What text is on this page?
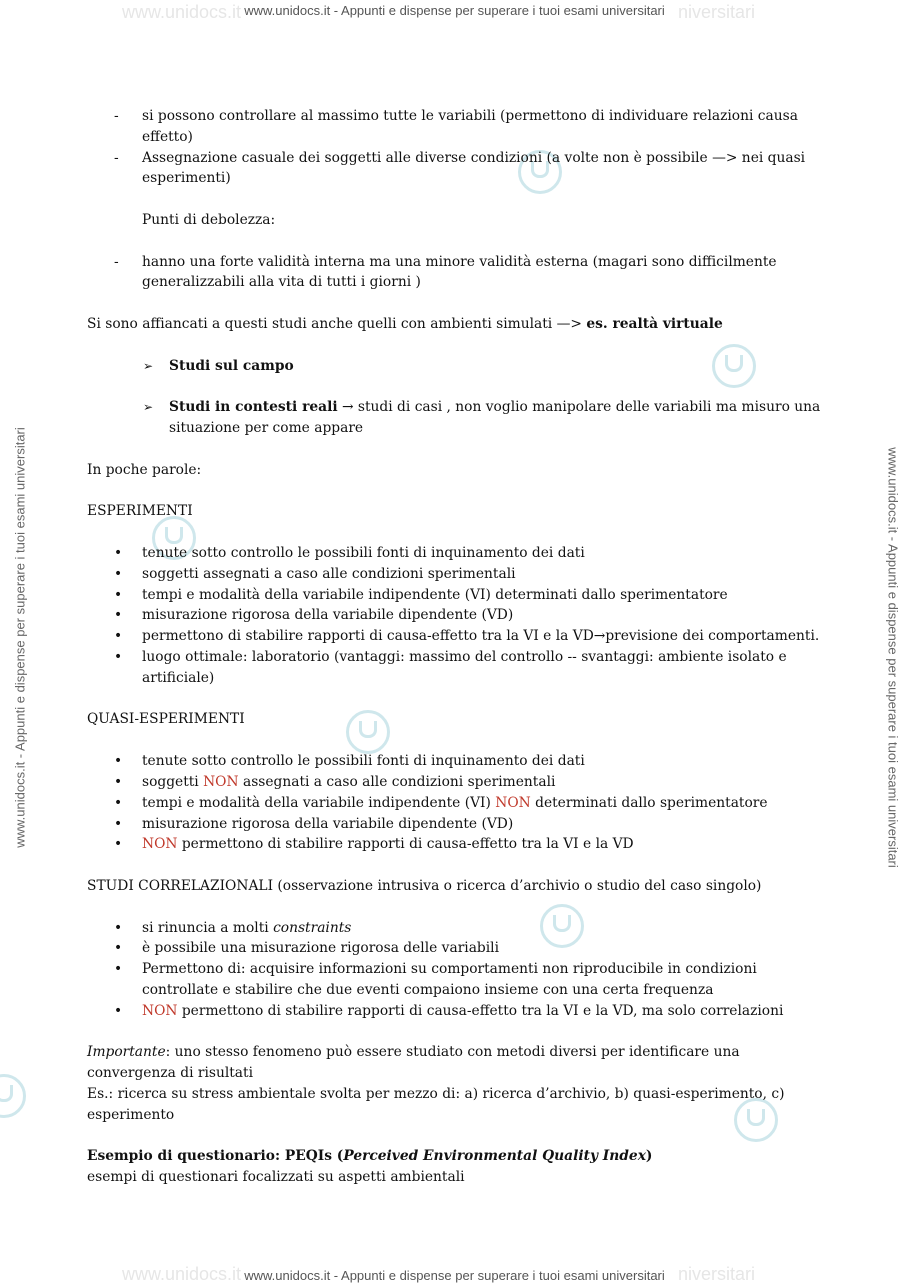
www.unidocs.it	niversitari
www.unidocs.it - Appunti e dispense per superare i tuoi esami universitari
www.unidocs.it	niversitari
www.unidocs.it - Appunti e dispense per superare i tuoi esami universitari
www.unidocs.it - Appunti e dispense per superare i tuoi esami universitari	www.unidocs.it - Appunti e dispense per superare i tuoi esami universitari
- si possono controllare al massimo tutte le variabili (permettono di individuare relazioni causa effetto)
- Assegnazione casuale dei soggetti alle diverse condizioni (a volte non è possibile —> nei quasi esperimenti)

Punti di debolezza:

- hanno una forte validità interna ma una minore validità esterna (magari sono difficilmente generalizzabili alla vita di tutti i giorni )

Si sono affiancati a questi studi anche quelli con ambienti simulati —> es. realtà virtuale

➢ Studi sul campo
➢ Studi in contesti reali → studi di casi , non voglio manipolare delle variabili ma misuro una situazione per come appare

In poche parole:

ESPERIMENTI

• tenute sotto controllo le possibili fonti di inquinamento dei dati
• soggetti assegnati a caso alle condizioni sperimentali
• tempi e modalità della variabile indipendente (VI) determinati dallo sperimentatore
• misurazione rigorosa della variabile dipendente (VD)
• permettono di stabilire rapporti di causa-effetto tra la VI e la VD→previsione dei comportamenti.
• luogo ottimale: laboratorio (vantaggi: massimo del controllo -- svantaggi: ambiente isolato e artificiale)

QUASI-ESPERIMENTI

• tenute sotto controllo le possibili fonti di inquinamento dei dati
• soggetti NON assegnati a caso alle condizioni sperimentali
• tempi e modalità della variabile indipendente (VI) NON determinati dallo sperimentatore
• misurazione rigorosa della variabile dipendente (VD)
• NON permettono di stabilire rapporti di causa-effetto tra la VI e la VD

STUDI CORRELAZIONALI (osservazione intrusiva o ricerca d’archivio o studio del caso singolo)

• si rinuncia a molti constraints
• è possibile una misurazione rigorosa delle variabili
• Permettono di: acquisire informazioni su comportamenti non riproducibile in condizioni controllate e stabilire che due eventi compaiono insieme con una certa frequenza
• NON permettono di stabilire rapporti di causa-effetto tra la VI e la VD, ma solo correlazioni

Importante: uno stesso fenomeno può essere studiato con metodi diversi per identificare una convergenza di risultati

Es.: ricerca su stress ambientale svolta per mezzo di: a) ricerca d’archivio, b) quasi-esperimento, c) esperimento

Esempio di questionario: PEQIs (Perceived Environmental Quality Index)

esempi di questionari focalizzati su aspetti ambientali
